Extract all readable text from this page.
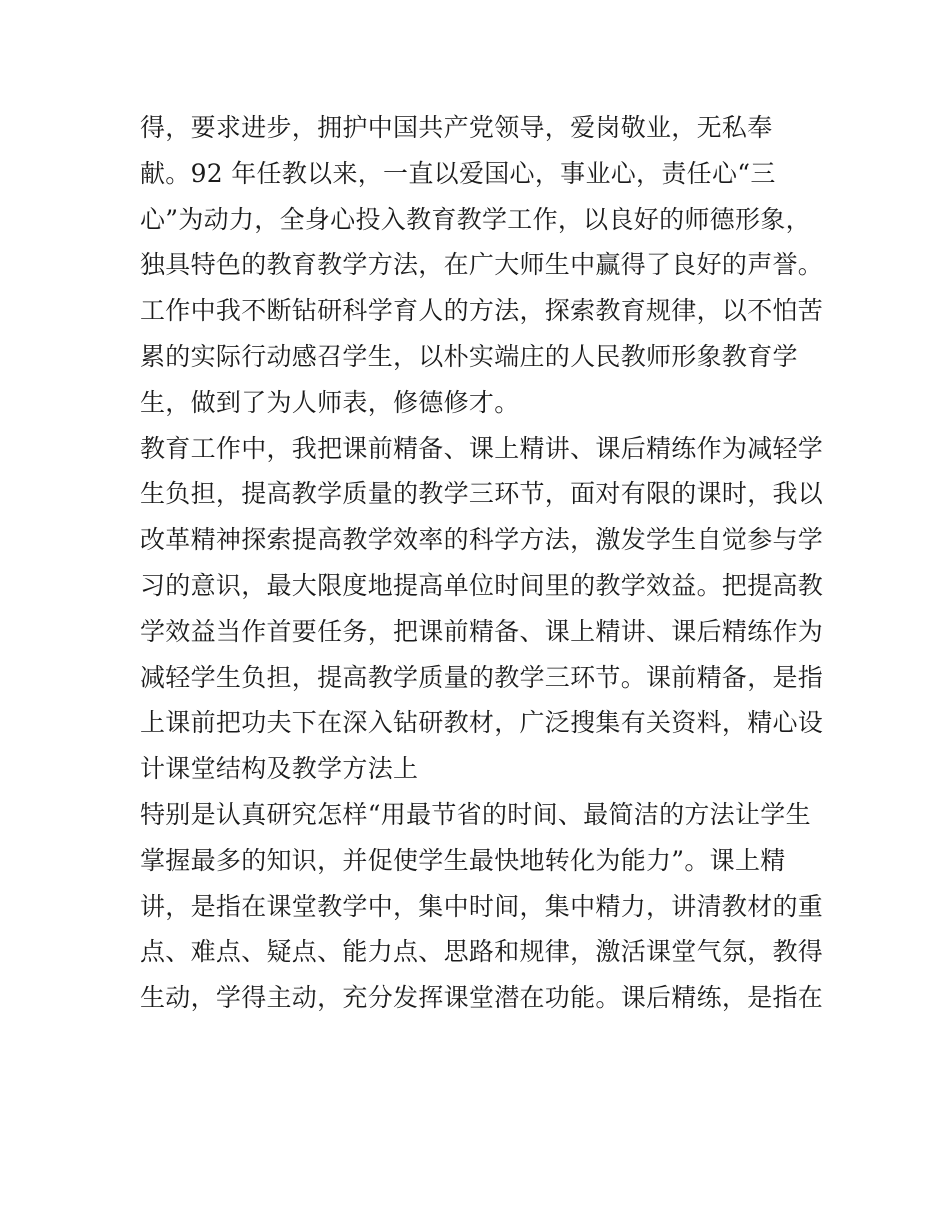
得，要求进步，拥护中国共产党领导，爱岗敬业，无私奉
献。92 年任教以来，一直以爱国心，事业心，责任心“三
心”为动力，全身心投入教育教学工作，以良好的师德形象，
独具特色的教育教学方法，在广大师生中赢得了良好的声誉。
工作中我不断钻研科学育人的方法，探索教育规律，以不怕苦
累的实际行动感召学生，以朴实端庄的人民教师形象教育学
生，做到了为人师表，修德修才。
教育工作中，我把课前精备、课上精讲、课后精练作为减轻学
生负担，提高教学质量的教学三环节，面对有限的课时，我以
改革精神探索提高教学效率的科学方法，激发学生自觉参与学
习的意识，最大限度地提高单位时间里的教学效益。把提高教
学效益当作首要任务，把课前精备、课上精讲、课后精练作为
减轻学生负担，提高教学质量的教学三环节。课前精备，是指
上课前把功夫下在深入钻研教材，广泛搜集有关资料，精心设
计课堂结构及教学方法上
特别是认真研究怎样“用最节省的时间、最简洁的方法让学生
掌握最多的知识，并促使学生最快地转化为能力”。课上精
讲，是指在课堂教学中，集中时间，集中精力，讲清教材的重
点、难点、疑点、能力点、思路和规律，激活课堂气氛，教得
生动，学得主动，充分发挥课堂潜在功能。课后精练，是指在
